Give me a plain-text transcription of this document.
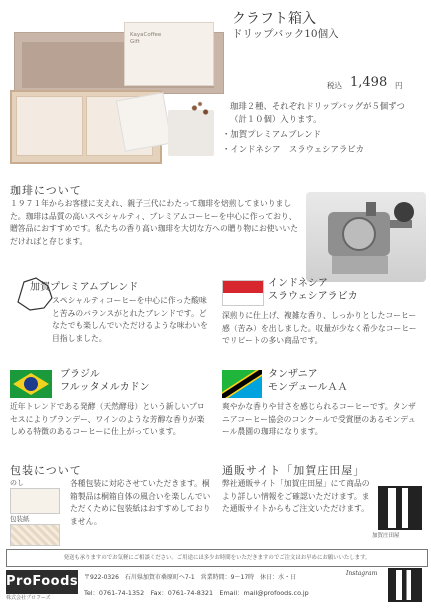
KayaCoffee
Gift
クラフト箱入
ドリップバック10個入
税込 1,498 円
珈琲２種、それぞれドリップバッグが５個ずつ（計１０個）入ります。
・加賀プレミアムブレンド
・インドネシア　スラウェシアラビカ
珈琲について
１９７１年からお客様に支えれ、親子三代にわたって珈琲を焙煎してまいりました。珈琲は品質の高いスペシャルティ、プレミアムコーヒーを中心に作っており、贈答品におすすめです。私たちの香り高い珈琲を大切な方への贈り物にお使いいただければと存じます。
加賀プレミアムブレンド
スペシャルティコーヒーを中心に作った酸味と苦みのバランスがとれたブレンドです。どなたでも楽しんでいただけるような味わいを目指しました。
インドネシア
スラウェシアラビカ
深煎りに仕上げ、複雑な香り、しっかりとしたコーヒー感（苦み）を出しました。収量が少なく希少なコーヒーでリピートの多い商品です。
ブラジル
フルッタメルカドン
近年トレンドである発酵（天然酵母）という新しいプロセスによりブランデー、ワインのような芳醇な香りが楽しめる特徴のあるコーヒーに仕上がっています。
タンザニア
モンデュールＡＡ
爽やかな香りや甘さを感じられるコーヒーです。タンザニアコーヒー協会のコンクールで受賞歴のあるモンデュール農園の珈琲になります。
包装について
のし
包装紙
各種包装に対応させていただきます。桐箱製品は桐箱自体の風合いを楽しんでいただくために包装紙はおすすめしておりません。
通販サイト「加賀庄田屋」
弊社通販サイト「加賀庄田屋」にて商品のより詳しい情報をご確認いただけます。また通販サイトからもご注文いただけます。
加賀庄田屋
発送も承りますのでお気軽にご相談ください。ご用途にほ多少お時間をいただきますのでご注文はお早めにお願いいたします。
ProFoods
株式会社プロフーズ
〒922-0326　石川県加賀市桑原町ヘ7-1　営業時間：9～17時　休日：水・日
Tel：0761-74-1352　Fax：0761-74-8321　Email：mail@profoods.co.jp
Instagram
